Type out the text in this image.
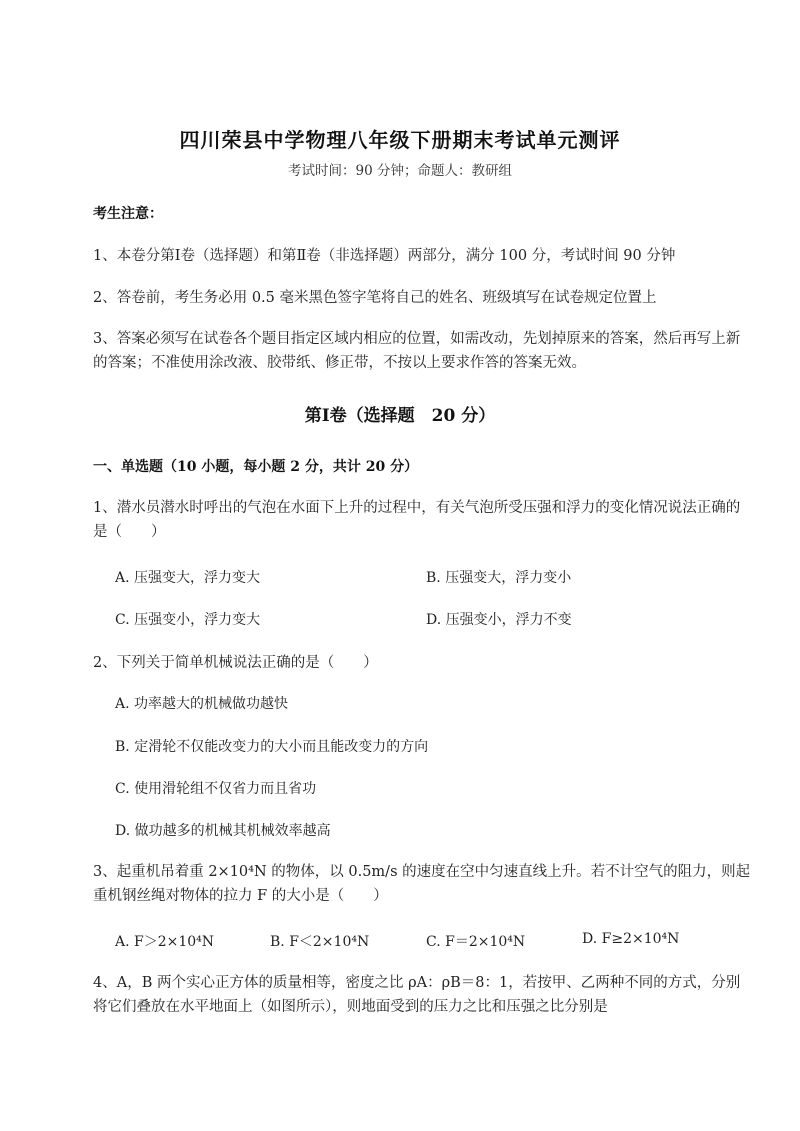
四川荣县中学物理八年级下册期末考试单元测评
考试时间：90 分钟；命题人：教研组
考生注意：
1、本卷分第Ⅰ卷（选择题）和第Ⅱ卷（非选择题）两部分，满分 100 分，考试时间 90 分钟
2、答卷前，考生务必用 0.5 毫米黑色签字笔将自己的姓名、班级填写在试卷规定位置上
3、答案必须写在试卷各个题目指定区域内相应的位置，如需改动，先划掉原来的答案，然后再写上新的答案；不准使用涂改液、胶带纸、修正带，不按以上要求作答的答案无效。
第Ⅰ卷（选择题　20 分）
一、单选题（10 小题，每小题 2 分，共计 20 分）
1、潜水员潜水时呼出的气泡在水面下上升的过程中，有关气泡所受压强和浮力的变化情况说法正确的是（　　）
A. 压强变大，浮力变大	B. 压强变大，浮力变小
C. 压强变小，浮力变大	D. 压强变小，浮力不变
2、下列关于简单机械说法正确的是（　　）
A. 功率越大的机械做功越快
B. 定滑轮不仅能改变力的大小而且能改变力的方向
C. 使用滑轮组不仅省力而且省功
D. 做功越多的机械其机械效率越高
3、起重机吊着重 2×10⁴N 的物体，以 0.5m/s 的速度在空中匀速直线上升。若不计空气的阻力，则起重机钢丝绳对物体的拉力 F 的大小是（　　）
A. F＞2×10⁴N	B. F＜2×10⁴N	C. F＝2×10⁴N	D. F≥2×10⁴N
4、A，B 两个实心正方体的质量相等，密度之比 ρA：ρB＝8：1，若按甲、乙两种不同的方式，分别将它们叠放在水平地面上（如图所示），则地面受到的压力之比和压强之比分别是
